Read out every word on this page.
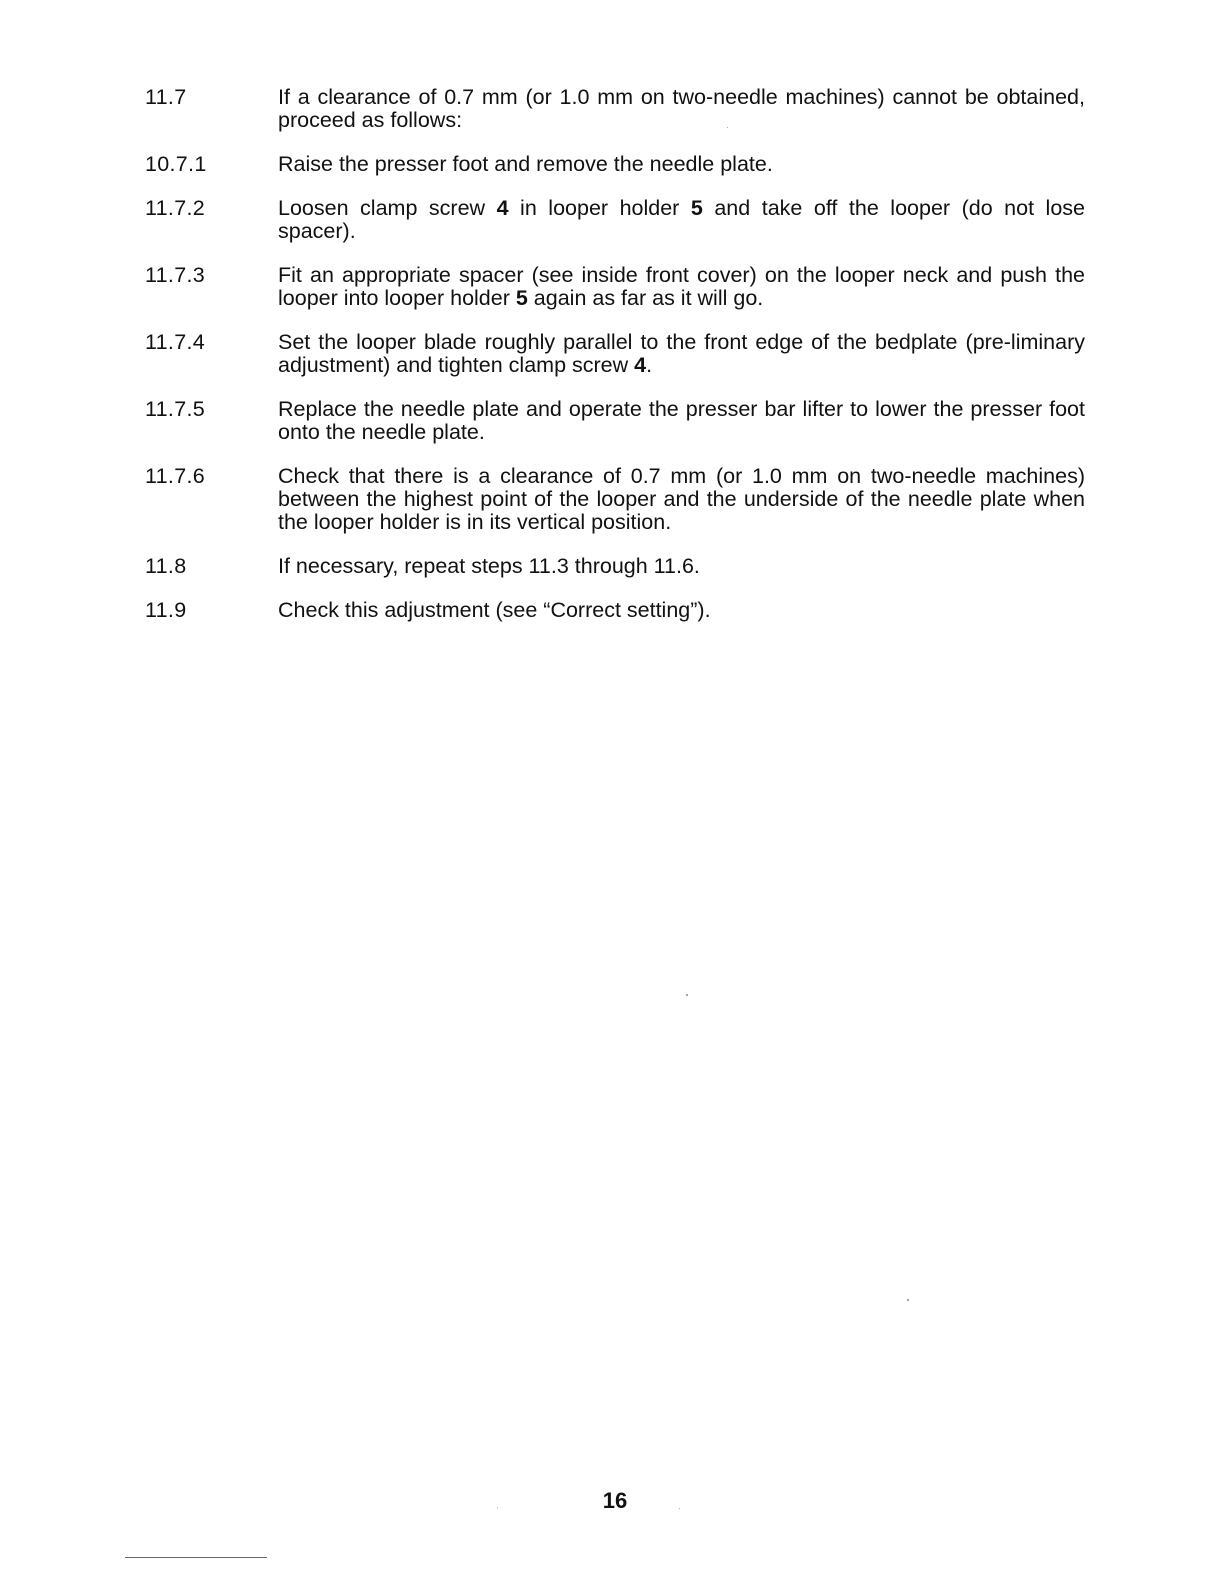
11.7	If a clearance of 0.7 mm (or 1.0 mm on two-needle machines) cannot be obtained, proceed as follows:
10.7.1	Raise the presser foot and remove the needle plate.
11.7.2	Loosen clamp screw 4 in looper holder 5 and take off the looper (do not lose spacer).
11.7.3	Fit an appropriate spacer (see inside front cover) on the looper neck and push the looper into looper holder 5 again as far as it will go.
11.7.4	Set the looper blade roughly parallel to the front edge of the bedplate (pre-liminary adjustment) and tighten clamp screw 4.
11.7.5	Replace the needle plate and operate the presser bar lifter to lower the presser foot onto the needle plate.
11.7.6	Check that there is a clearance of 0.7 mm (or 1.0 mm on two-needle machines) between the highest point of the looper and the underside of the needle plate when the looper holder is in its vertical position.
11.8	If necessary, repeat steps 11.3 through 11.6.
11.9	Check this adjustment (see “Correct setting”).
16
